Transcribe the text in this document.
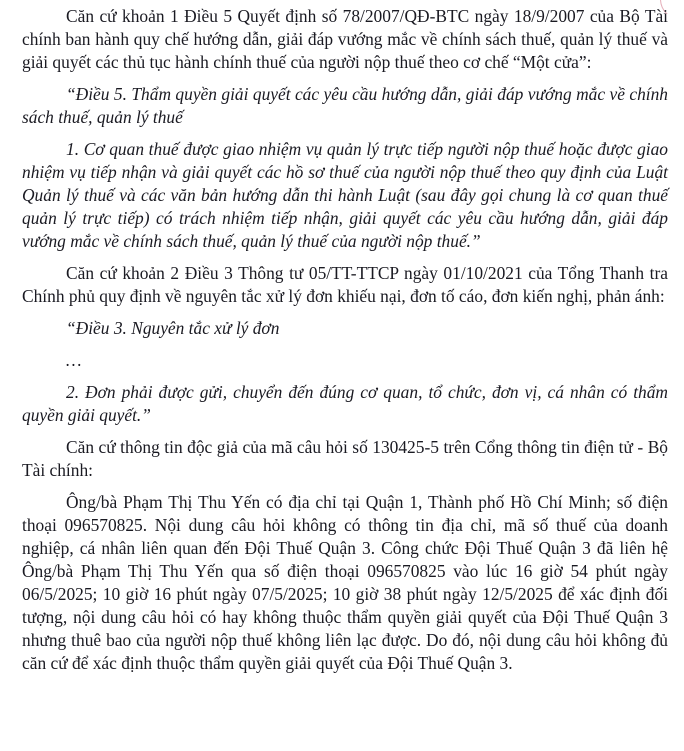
Căn cứ khoản 1 Điều 5 Quyết định số 78/2007/QĐ-BTC ngày 18/9/2007 của Bộ Tài chính ban hành quy chế hướng dẫn, giải đáp vướng mắc về chính sách thuế, quản lý thuế và giải quyết các thủ tục hành chính thuế của người nộp thuế theo cơ chế “Một cửa”:

“Điều 5. Thẩm quyền giải quyết các yêu cầu hướng dẫn, giải đáp vướng mắc về chính sách thuế, quản lý thuế

1. Cơ quan thuế được giao nhiệm vụ quản lý trực tiếp người nộp thuế hoặc được giao nhiệm vụ tiếp nhận và giải quyết các hồ sơ thuế của người nộp thuế theo quy định của Luật Quản lý thuế và các văn bản hướng dẫn thi hành Luật (sau đây gọi chung là cơ quan thuế quản lý trực tiếp) có trách nhiệm tiếp nhận, giải quyết các yêu cầu hướng dẫn, giải đáp vướng mắc về chính sách thuế, quản lý thuế của người nộp thuế.”

Căn cứ khoản 2 Điều 3 Thông tư 05/TT-TTCP ngày 01/10/2021 của Tổng Thanh tra Chính phủ quy định về nguyên tắc xử lý đơn khiếu nại, đơn tố cáo, đơn kiến nghị, phản ánh:

“Điều 3. Nguyên tắc xử lý đơn

…

2. Đơn phải được gửi, chuyển đến đúng cơ quan, tổ chức, đơn vị, cá nhân có thẩm quyền giải quyết.”

Căn cứ thông tin độc giả của mã câu hỏi số 130425-5 trên Cổng thông tin điện tử - Bộ Tài chính:

Ông/bà Phạm Thị Thu Yến có địa chỉ tại Quận 1, Thành phố Hồ Chí Minh; số điện thoại 096570825. Nội dung câu hỏi không có thông tin địa chỉ, mã số thuế của doanh nghiệp, cá nhân liên quan đến Đội Thuế Quận 3. Công chức Đội Thuế Quận 3 đã liên hệ Ông/bà Phạm Thị Thu Yến qua số điện thoại 096570825 vào lúc 16 giờ 54 phút ngày 06/5/2025; 10 giờ 16 phút ngày 07/5/2025; 10 giờ 38 phút ngày 12/5/2025 để xác định đối tượng, nội dung câu hỏi có hay không thuộc thẩm quyền giải quyết của Đội Thuế Quận 3 nhưng thuê bao của người nộp thuế không liên lạc được. Do đó, nội dung câu hỏi không đủ căn cứ để xác định thuộc thẩm quyền giải quyết của Đội Thuế Quận 3.
